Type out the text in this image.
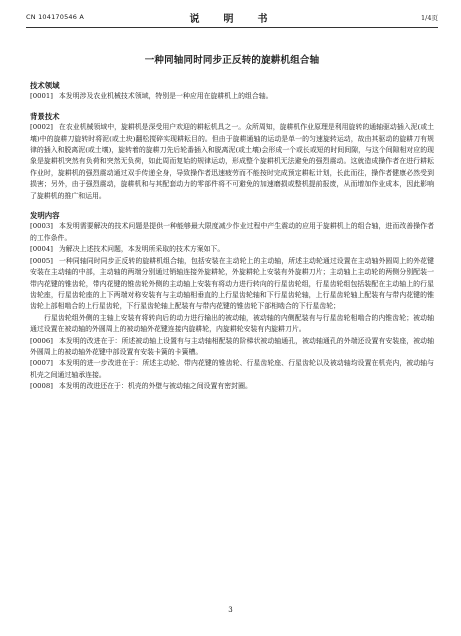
CN 104170546 A	说　明　书	1/4页
一种同轴同时同步正反转的旋耕机组合轴
技术领域

[0001] 本发明涉及农业机械技术领域，特别是一种应用在旋耕机上的组合轴。

背景技术

[0002] 在农业机械领域中，旋耕机是深受用户欢迎的耕耘机具之一。众所周知，旋耕机作业原理是利用旋转的通轴驱动插入泥(或土壤)中的旋耕刀旋转时将泥(或土块)翻松搅碎实现耕耘目的。但由于旋耕通轴的运动是单一的匀速旋转运动，故由其驱动的旋耕刀有规律的插入和脱离泥(或土壤)，旋转着的旋耕刀先后轮番插入和脱离泥(或土壤)会形成一个或长或短的时间间隙，与这个间隙相对应的现象是旋耕机突然有负荷和突然无负荷，如此周而复始的规律运动，形成整个旋耕机无法避免的强烈震动。这就造成操作者在进行耕耘作业时，旋耕机的强烈震动通过双手传递全身，导致操作者迅速疲劳而不能按时完成预定耕耘计划，长此而往，操作者健康必然受到损害；另外，由于强烈震动，旋耕机和与其配套动力的零部件将不可避免的加速磨损或整机提前报废，从而增加作业成本，因此影响了旋耕机的推广和运用。

发明内容

[0003] 本发明需要解决的技术问题是提供一种能够最大限度减少作业过程中产生震动的应用于旋耕机上的组合轴，进而改善操作者的工作条件。

[0004] 为解决上述技术问题，本发明所采取的技术方案如下。

[0005] 一种同轴同时同步正反转的旋耕机组合轴，包括安装在主动轮上的主动轴，所述主动轮通过设置在主动轴外圆周上的外花键安装在主动轴的中部，主动轴的两端分别通过销轴连接外旋耕轮，外旋耕轮上安装有外旋耕刀片；主动轴上主动轮的两侧分别配装一带内花键的锥齿轮，带内花键的锥齿轮外侧的主动轴上安装有将动力进行转向的行星齿轮组，行星齿轮组包括装配在主动轴上的行星齿轮座，行星齿轮座的上下两端对称安装有与主动轴相垂直的上行星齿轮轴和下行星齿轮轴，上行星齿轮轴上配装有与带内花键的锥齿轮上部相啮合的上行星齿轮，下行星齿轮轴上配装有与带内花键的锥齿轮下部相啮合的下行星齿轮；

行星齿轮组外侧的主轴上安装有将转向后的动力进行输出的被动轴，被动轴的内侧配装有与行星齿轮相啮合的内锥齿轮；被动轴通过设置在被动轴的外圆周上的被动轴外花键连接内旋耕轮，内旋耕轮安装有内旋耕刀片。

[0006] 本发明的改进在于：所述被动轴上设置有与主动轴相配装的阶梯状被动轴通孔，被动轴通孔的外端还设置有安装座，被动轴外圆周上的被动轴外花键中部设置有安装卡簧的卡簧槽。

[0007] 本发明的进一步改进在于：所述主动轮、带内花键的锥齿轮、行星齿轮座、行星齿轮以及被动轴均设置在机壳内，被动轴与机壳之间通过轴承连接。

[0008] 本发明的改进还在于：机壳的外壁与被动轴之间设置有密封圈。

3
